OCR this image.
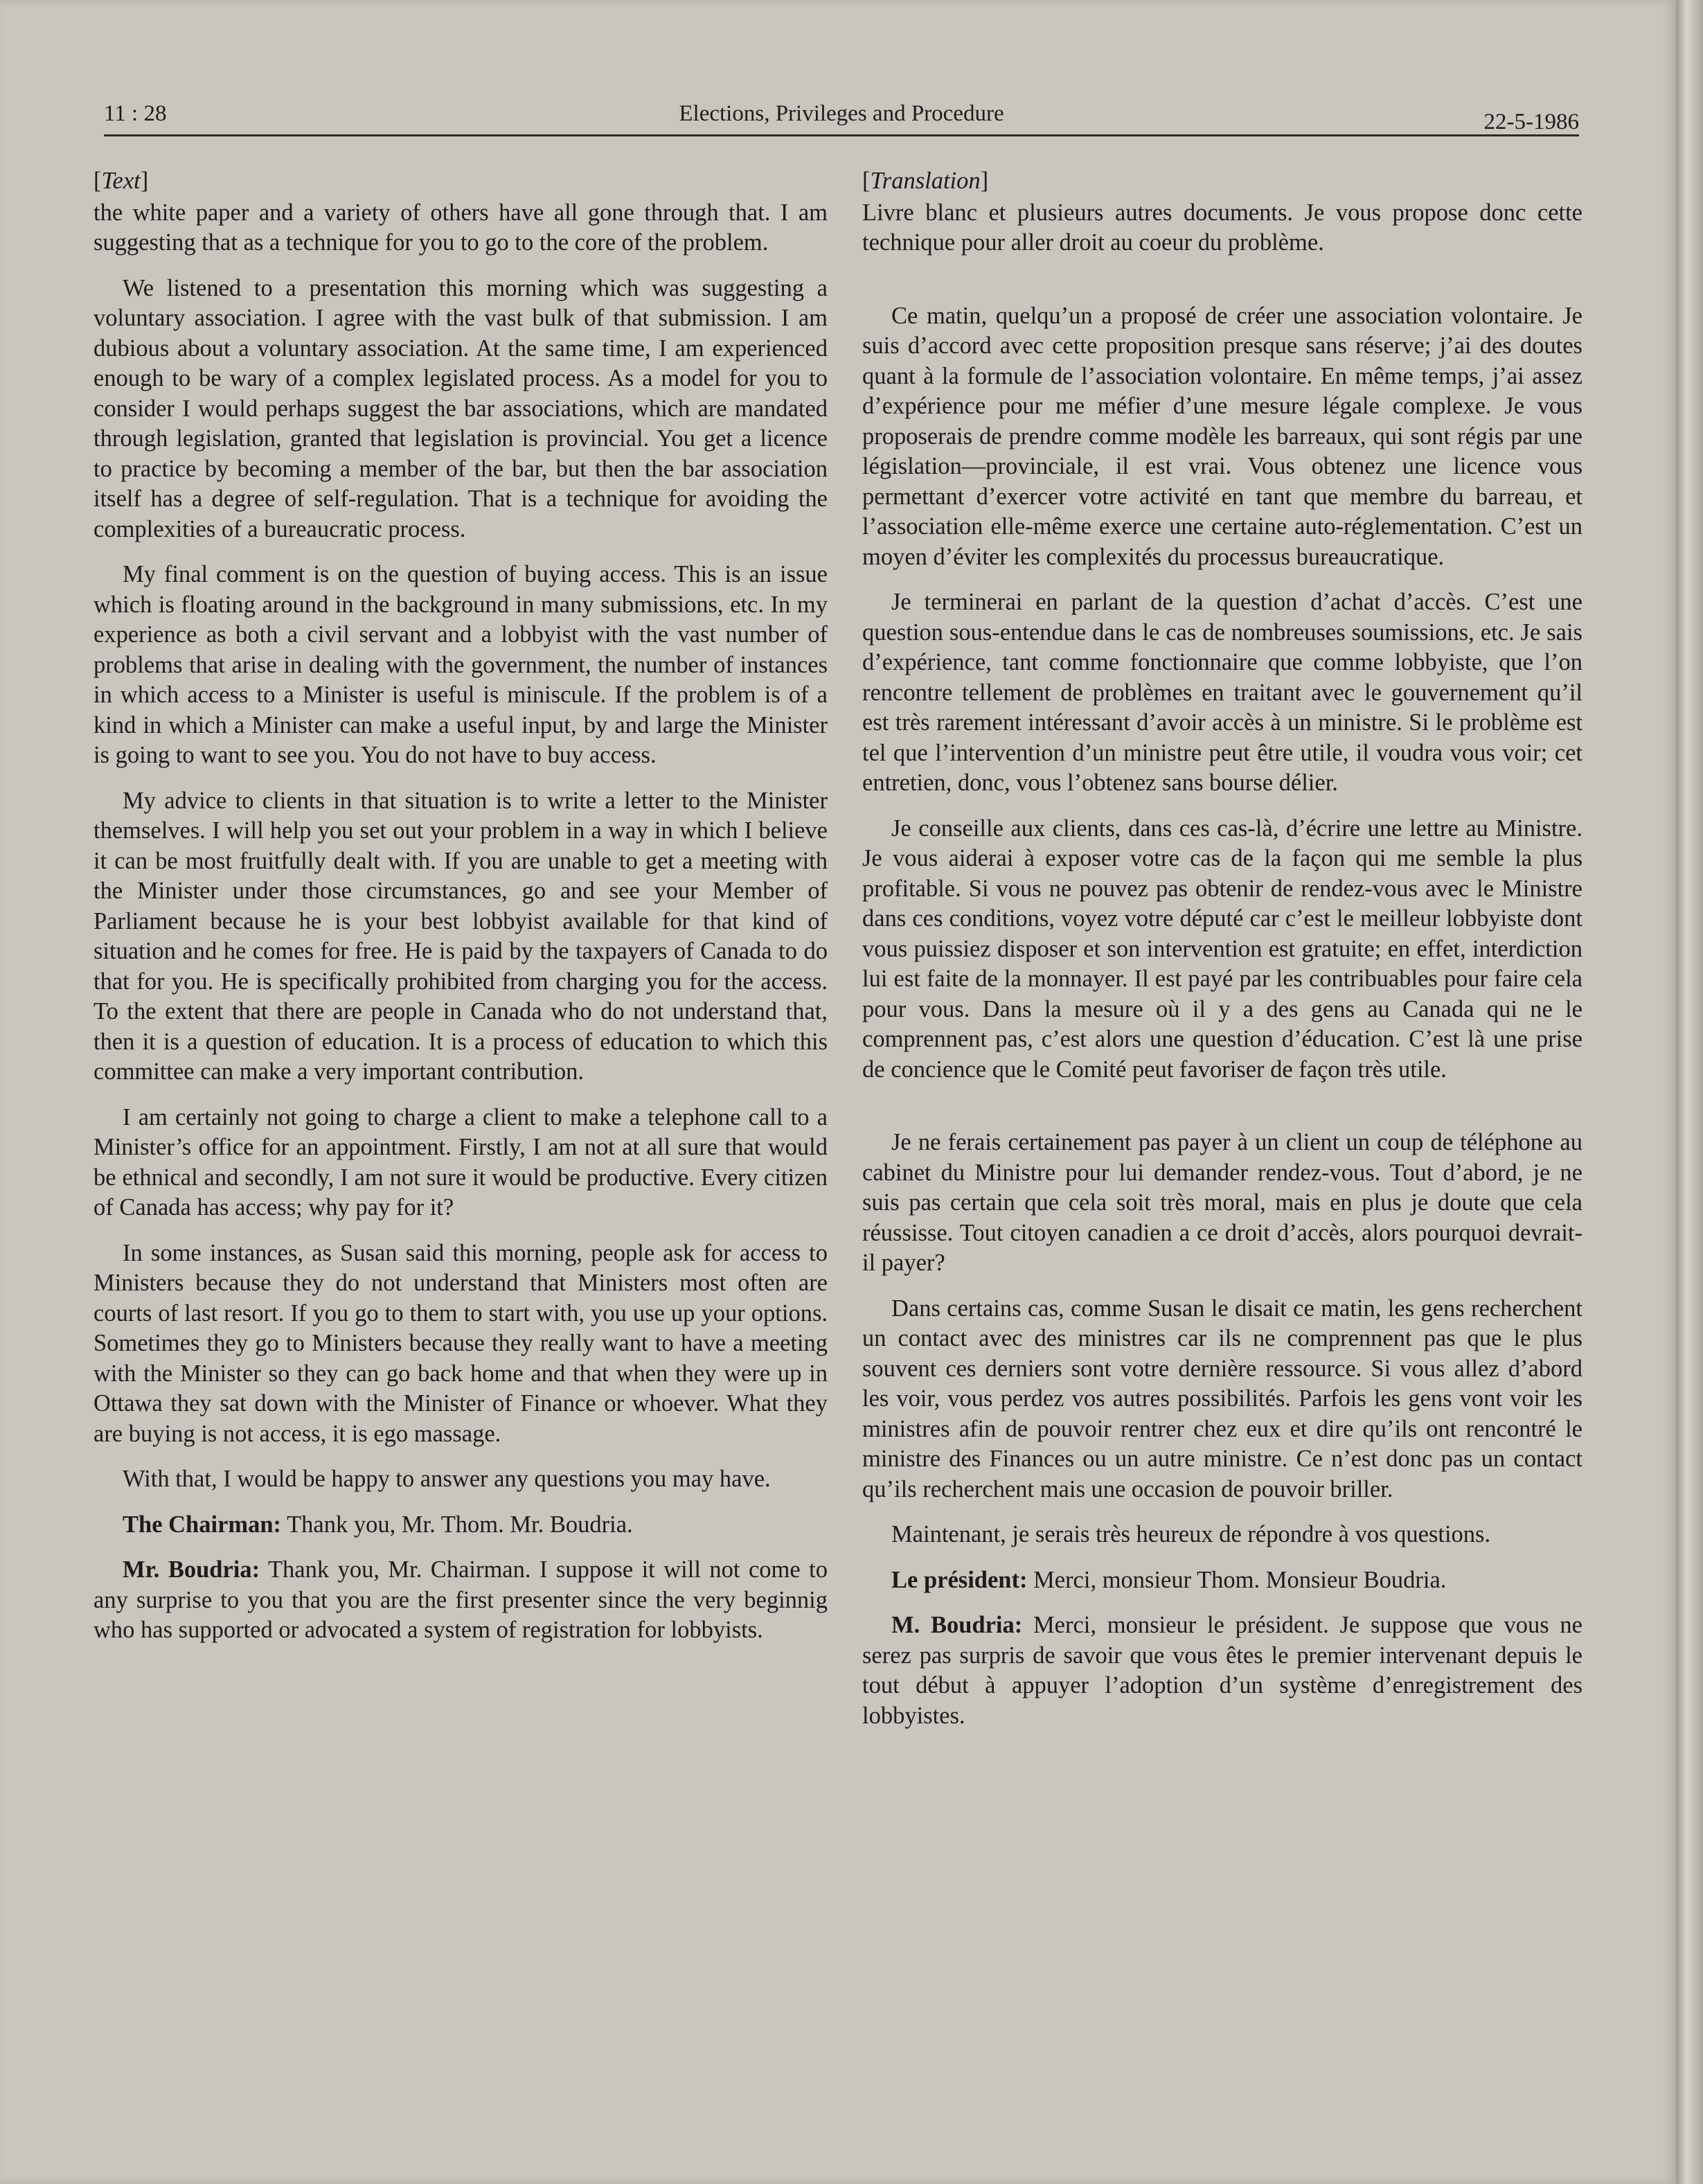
11 : 28	Elections, Privileges and Procedure	22-5-1986
[Text]

the white paper and a variety of others have all gone through that. I am suggesting that as a technique for you to go to the core of the problem.

We listened to a presentation this morning which was suggesting a voluntary association. I agree with the vast bulk of that submission. I am dubious about a voluntary association. At the same time, I am experienced enough to be wary of a complex legislated process. As a model for you to consider I would perhaps suggest the bar associations, which are mandated through legislation, granted that legislation is provincial. You get a licence to practice by becoming a member of the bar, but then the bar association itself has a degree of self-regulation. That is a technique for avoiding the complexities of a bureaucratic process.

My final comment is on the question of buying access. This is an issue which is floating around in the background in many submissions, etc. In my experience as both a civil servant and a lobbyist with the vast number of problems that arise in dealing with the government, the number of instances in which access to a Minister is useful is miniscule. If the problem is of a kind in which a Minister can make a useful input, by and large the Minister is going to want to see you. You do not have to buy access.

My advice to clients in that situation is to write a letter to the Minister themselves. I will help you set out your problem in a way in which I believe it can be most fruitfully dealt with. If you are unable to get a meeting with the Minister under those circumstances, go and see your Member of Parliament because he is your best lobbyist available for that kind of situation and he comes for free. He is paid by the taxpayers of Canada to do that for you. He is specifically prohibited from charging you for the access. To the extent that there are people in Canada who do not understand that, then it is a question of education. It is a process of education to which this committee can make a very important contribution.

I am certainly not going to charge a client to make a telephone call to a Minister’s office for an appointment. Firstly, I am not at all sure that would be ethnical and secondly, I am not sure it would be productive. Every citizen of Canada has access; why pay for it?

In some instances, as Susan said this morning, people ask for access to Ministers because they do not understand that Ministers most often are courts of last resort. If you go to them to start with, you use up your options. Sometimes they go to Ministers because they really want to have a meeting with the Minister so they can go back home and that when they were up in Ottawa they sat down with the Minister of Finance or whoever. What they are buying is not access, it is ego massage.

With that, I would be happy to answer any questions you may have.

The Chairman: Thank you, Mr. Thom. Mr. Boudria.

Mr. Boudria: Thank you, Mr. Chairman. I suppose it will not come to any surprise to you that you are the first presenter since the very beginnig who has supported or advocated a system of registration for lobbyists.

[Translation]

Livre blanc et plusieurs autres documents. Je vous propose donc cette technique pour aller droit au coeur du problème.

Ce matin, quelqu’un a proposé de créer une association volontaire. Je suis d’accord avec cette proposition presque sans réserve; j’ai des doutes quant à la formule de l’association volontaire. En même temps, j’ai assez d’expérience pour me méfier d’une mesure légale complexe. Je vous proposerais de prendre comme modèle les barreaux, qui sont régis par une législation—provinciale, il est vrai. Vous obtenez une licence vous permettant d’exercer votre activité en tant que membre du barreau, et l’association elle-même exerce une certaine auto-réglementation. C’est un moyen d’éviter les complexités du processus bureaucratique.

Je terminerai en parlant de la question d’achat d’accès. C’est une question sous-entendue dans le cas de nombreuses soumissions, etc. Je sais d’expérience, tant comme fonctionnaire que comme lobbyiste, que l’on rencontre tellement de problèmes en traitant avec le gouvernement qu’il est très rarement intéressant d’avoir accès à un ministre. Si le problème est tel que l’intervention d’un ministre peut être utile, il voudra vous voir; cet entretien, donc, vous l’obtenez sans bourse délier.

Je conseille aux clients, dans ces cas-là, d’écrire une lettre au Ministre. Je vous aiderai à exposer votre cas de la façon qui me semble la plus profitable. Si vous ne pouvez pas obtenir de rendez-vous avec le Ministre dans ces conditions, voyez votre député car c’est le meilleur lobbyiste dont vous puissiez disposer et son intervention est gratuite; en effet, interdiction lui est faite de la monnayer. Il est payé par les contribuables pour faire cela pour vous. Dans la mesure où il y a des gens au Canada qui ne le comprennent pas, c’est alors une question d’éducation. C’est là une prise de concience que le Comité peut favoriser de façon très utile.

Je ne ferais certainement pas payer à un client un coup de téléphone au cabinet du Ministre pour lui demander rendez-vous. Tout d’abord, je ne suis pas certain que cela soit très moral, mais en plus je doute que cela réussisse. Tout citoyen canadien a ce droit d’accès, alors pourquoi devrait-il payer?

Dans certains cas, comme Susan le disait ce matin, les gens recherchent un contact avec des ministres car ils ne comprennent pas que le plus souvent ces derniers sont votre dernière ressource. Si vous allez d’abord les voir, vous perdez vos autres possibilités. Parfois les gens vont voir les ministres afin de pouvoir rentrer chez eux et dire qu’ils ont rencontré le ministre des Finances ou un autre ministre. Ce n’est donc pas un contact qu’ils recherchent mais une occasion de pouvoir briller.

Maintenant, je serais très heureux de répondre à vos questions.

Le président: Merci, monsieur Thom. Monsieur Boudria.

M. Boudria: Merci, monsieur le président. Je suppose que vous ne serez pas surpris de savoir que vous êtes le premier intervenant depuis le tout début à appuyer l’adoption d’un système d’enregistrement des lobbyistes.
